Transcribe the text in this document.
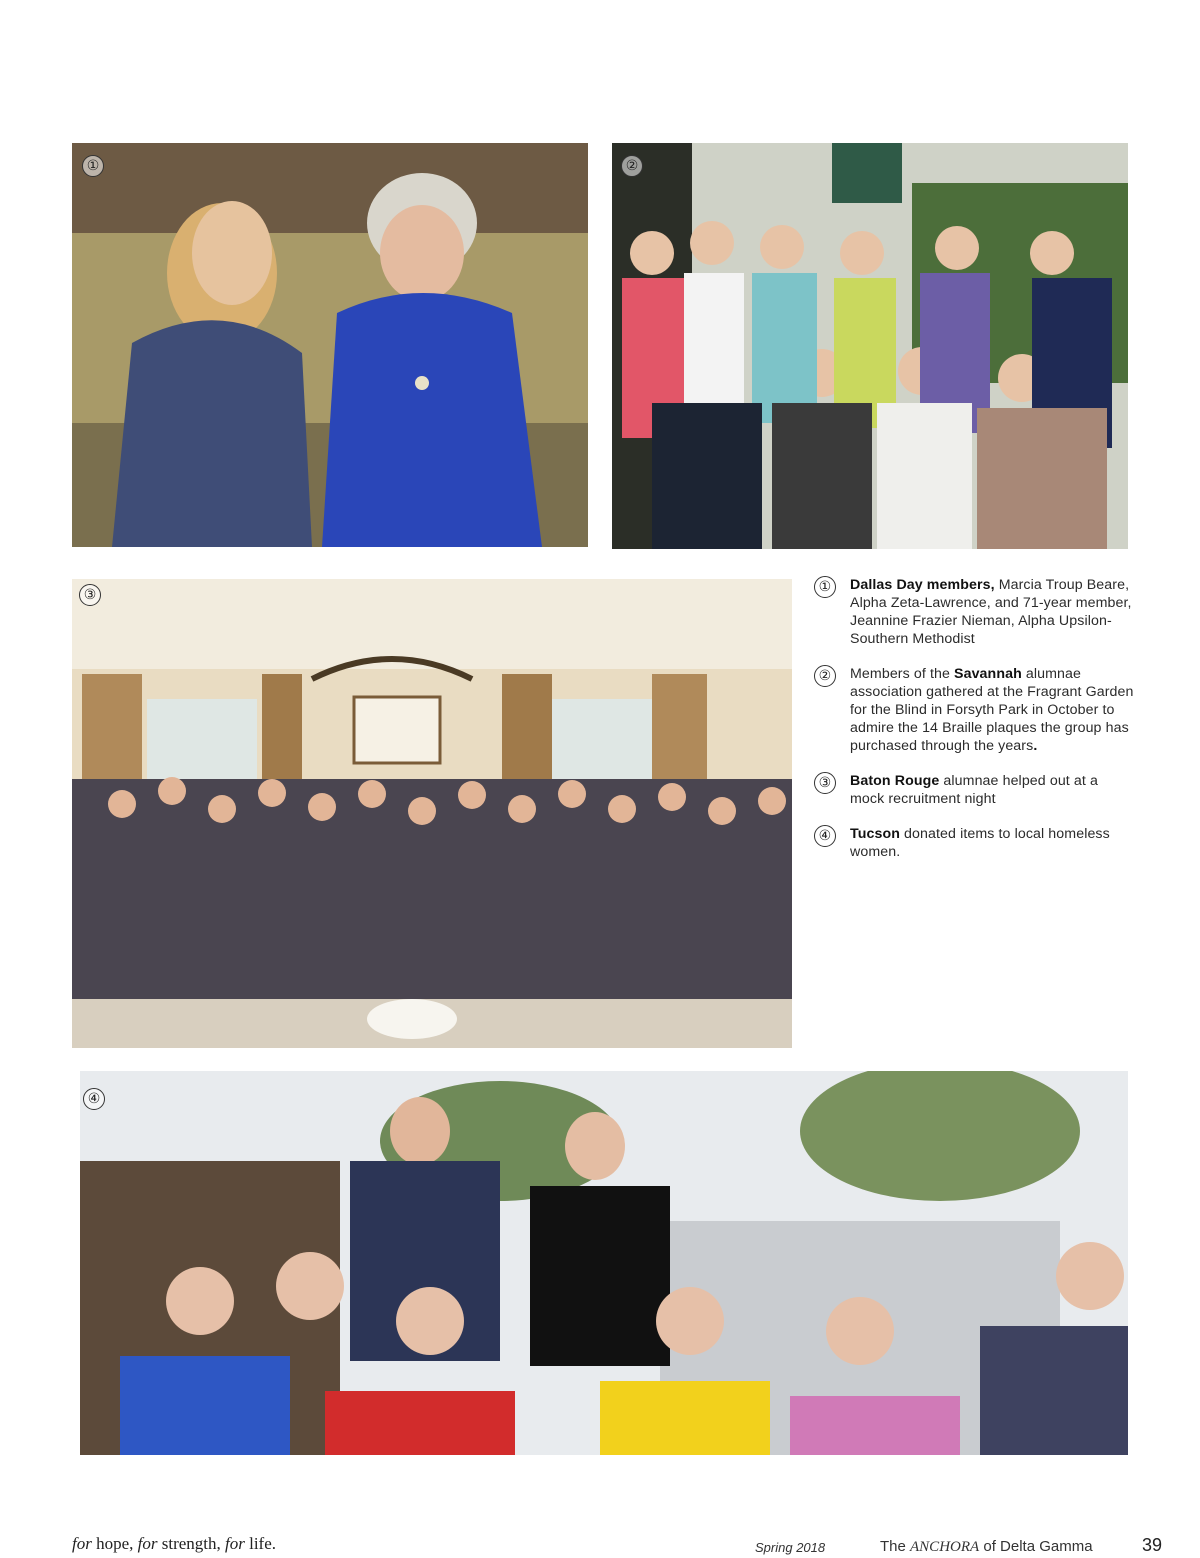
①	②
③
④
①	Dallas Day members, Marcia Troup Beare, Alpha Zeta-Lawrence, and 71-year member, Jeannine Frazier Nieman, Alpha Upsilon-Southern Methodist
②	Members of the Savannah alumnae association gathered at the Fragrant Garden for the Blind in Forsyth Park in October to admire the 14 Braille plaques the group has purchased through the years.
③	Baton Rouge alumnae helped out at a mock recruitment night
④	Tucson donated items to local homeless women.
for hope, for strength, for life.	Spring 2018	The ANCHORA of Delta Gamma	39
